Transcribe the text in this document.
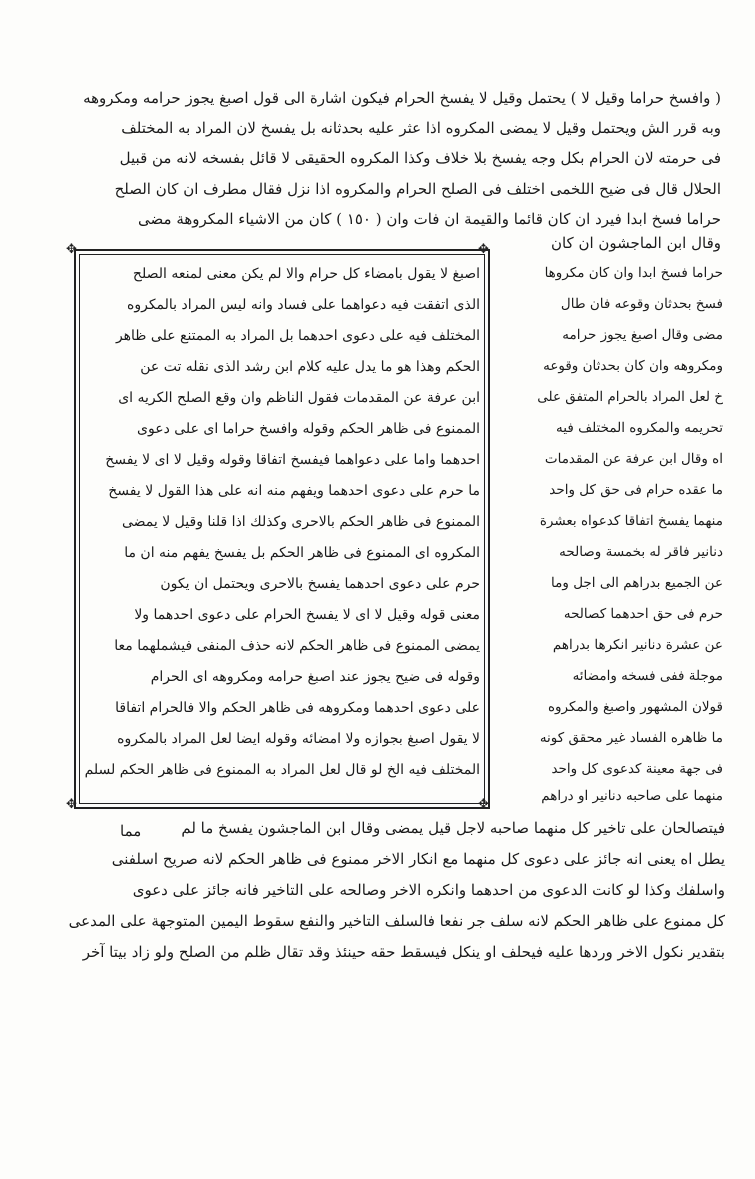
( وافسخ حراما وقيل لا ) يحتمل وقيل لا يفسخ الحرام فيكون اشارة الى قول اصبغ يجوز حرامه ومكروهه
وبه قرر الش ويحتمل وقيل لا يمضى المكروه اذا عثر عليه بحدثانه بل يفسخ لان المراد به المختلف
فى حرمته لان الحرام بكل وجه يفسخ بلا خلاف وكذا المكروه الحقيقى لا قائل بفسخه لانه من قبيل
الحلال قال فى ضيح اللخمى اختلف فى الصلح الحرام والمكروه اذا نزل فقال مطرف ان كان الصلح
حراما فسخ ابدا فيرد ان كان قائما والقيمة ان فات وان ( ١٥٠ ) كان من الاشياء المكروهة مضى
وقال ابن الماجشون ان كان
✥	✥
✥	✥
اصبغ لا يقول بامضاء كل حرام والا لم يكن معنى لمنعه الصلح
الذى اتفقت فيه دعواهما على فساد وانه ليس المراد بالمكروه
المختلف فيه على دعوى احدهما بل المراد به الممتنع على ظاهر
الحكم وهذا هو ما يدل عليه كلام ابن رشد الذى نقله تت عن
ابن عرفة عن المقدمات فقول الناظم وان وقع الصلح الكريه اى
الممنوع فى ظاهر الحكم وقوله وافسخ حراما اى على دعوى
احدهما واما على دعواهما فيفسخ اتفاقا وقوله وقيل لا اى لا يفسخ
ما حرم على دعوى احدهما ويفهم منه انه على هذا القول لا يفسخ
الممنوع فى ظاهر الحكم بالاحرى وكذلك اذا قلنا وقيل لا يمضى
المكروه اى الممنوع فى ظاهر الحكم بل يفسخ يفهم منه ان ما
حرم على دعوى احدهما يفسخ بالاحرى ويحتمل ان يكون
معنى قوله وقيل لا اى لا يفسخ الحرام على دعوى احدهما ولا
يمضى الممنوع فى ظاهر الحكم لانه حذف المنفى فيشملهما معا
وقوله فى ضيح يجوز عند اصبغ حرامه ومكروهه اى الحرام
على دعوى احدهما ومكروهه فى ظاهر الحكم والا فالحرام اتفاقا
لا يقول اصبغ بجوازه ولا امضائه وقوله ايضا لعل المراد بالمكروه
المختلف فيه الخ لو قال لعل المراد به الممنوع فى ظاهر الحكم لسلم
حراما فسخ ابدا وان كان مكروها
فسخ بحدثان وقوعه فان طال
مضى وقال اصبغ يجوز حرامه
ومكروهه وان كان بحدثان وقوعه
خ لعل المراد بالحرام المتفق على
تحريمه والمكروه المختلف فيه
اه وقال ابن عرفة عن المقدمات
ما عقده حرام فى حق كل واحد
منهما يفسخ اتفاقا كدعواه بعشرة
دنانير فاقر له بخمسة وصالحه
عن الجميع بدراهم الى اجل وما
حرم فى حق احدهما كصالحه
عن عشرة دنانير انكرها بدراهم
موجلة ففى فسخه وامضائه
قولان المشهور واصبغ والمكروه
ما ظاهره الفساد غير محقق كونه
فى جهة معينة كدعوى كل واحد
منهما على صاحبه دنانير او دراهم
مما	فيتصالحان على تاخير كل منهما صاحبه لاجل قيل يمضى وقال ابن الماجشون يفسخ ما لم
يطل اه يعنى انه جائز على دعوى كل منهما مع انكار الاخر ممنوع فى ظاهر الحكم لانه صريح اسلفنى
واسلفك وكذا لو كانت الدعوى من احدهما وانكره الاخر وصالحه على التاخير فانه جائز على دعوى
كل ممنوع على ظاهر الحكم لانه سلف جر نفعا فالسلف التاخير والنفع سقوط اليمين المتوجهة على المدعى
بتقدير نكول الاخر وردها عليه فيحلف او ينكل فيسقط حقه حينئذ وقد تقال ظلم من الصلح ولو زاد بيتا آخر
